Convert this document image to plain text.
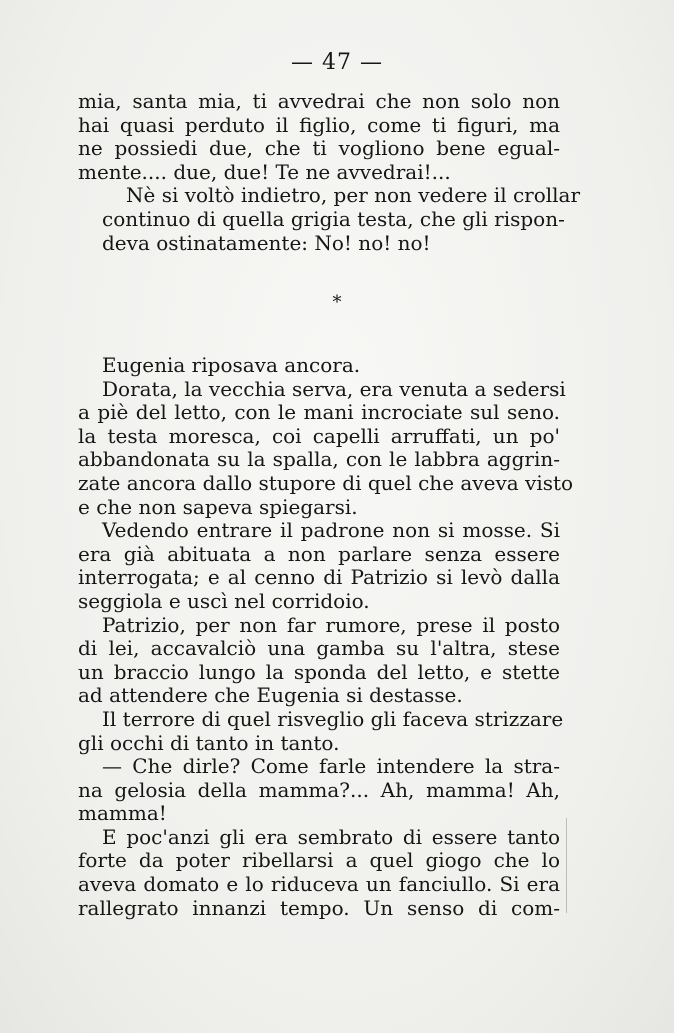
— 47 —

mia, santa mia, ti avvedrai che non solo non
hai quasi perduto il figlio, come ti figuri, ma
ne possiedi due, che ti vogliono bene egual-
mente.... due, due! Te ne avvedrai!...

Nè si voltò indietro, per non vedere il crollar
continuo di quella grigia testa, che gli rispon-
deva ostinatamente: No! no! no!

*

Eugenia riposava ancora.

Dorata, la vecchia serva, era venuta a sedersi
a piè del letto, con le mani incrociate sul seno.
la testa moresca, coi capelli arruffati, un po'
abbandonata su la spalla, con le labbra aggrin-
zate ancora dallo stupore di quel che aveva visto
e che non sapeva spiegarsi.

Vedendo entrare il padrone non si mosse. Si
era già abituata a non parlare senza essere
interrogata; e al cenno di Patrizio si levò dalla
seggiola e uscì nel corridoio.

Patrizio, per non far rumore, prese il posto
di lei, accavalciò una gamba su l'altra, stese
un braccio lungo la sponda del letto, e stette
ad attendere che Eugenia si destasse.

Il terrore di quel risveglio gli faceva strizzare
gli occhi di tanto in tanto.

— Che dirle? Come farle intendere la stra-
na gelosia della mamma?... Ah, mamma! Ah,
mamma!

E poc'anzi gli era sembrato di essere tanto
forte da poter ribellarsi a quel giogo che lo
aveva domato e lo riduceva un fanciullo. Si era
rallegrato innanzi tempo. Un senso di com-
